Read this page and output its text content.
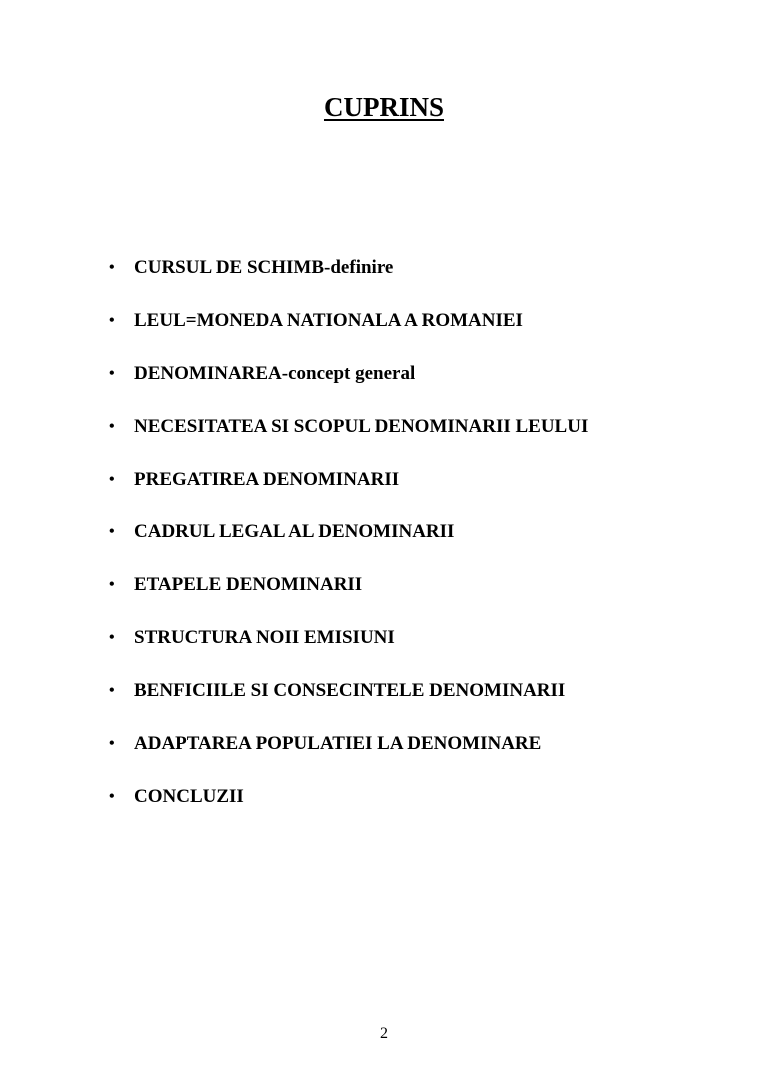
CUPRINS
• CURSUL DE SCHIMB-definire
• LEUL=MONEDA NATIONALA A ROMANIEI
• DENOMINAREA-concept general
• NECESITATEA SI SCOPUL DENOMINARII LEULUI
• PREGATIREA DENOMINARII
• CADRUL LEGAL AL DENOMINARII
• ETAPELE DENOMINARII
• STRUCTURA NOII EMISIUNI
• BENFICIILE SI CONSECINTELE DENOMINARII
• ADAPTAREA POPULATIEI LA DENOMINARE
• CONCLUZII
2
